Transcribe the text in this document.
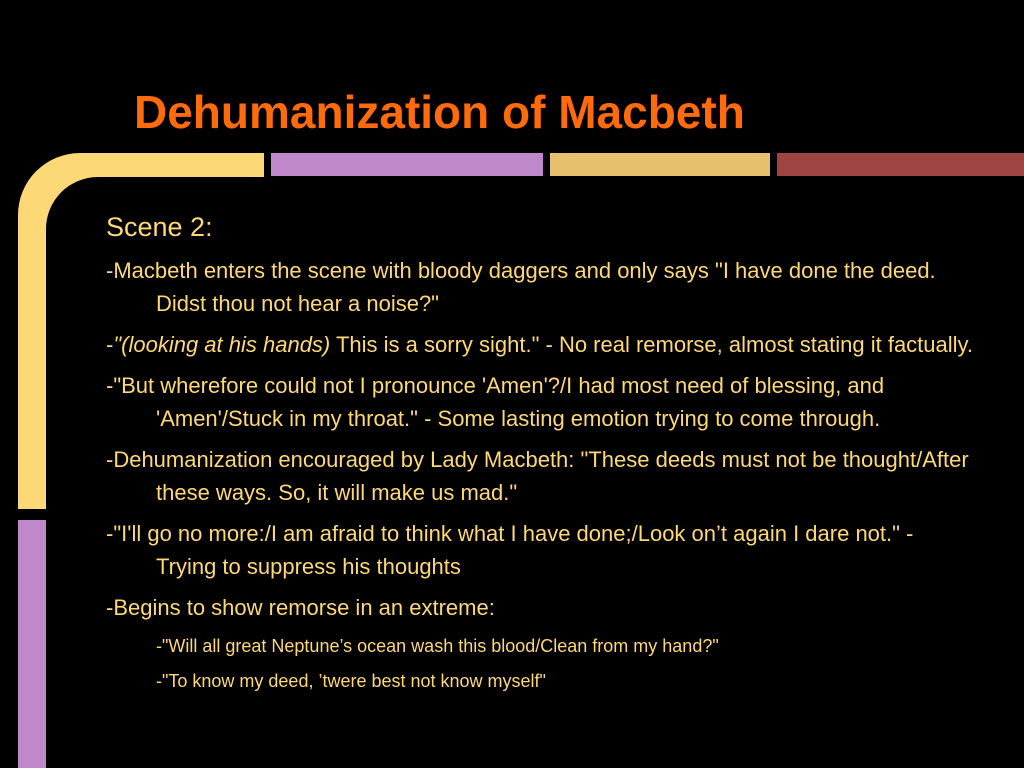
Dehumanization of Macbeth

Scene 2:

-Macbeth enters the scene with bloody daggers and only says "I have done the deed. Didst thou not hear a noise?"

-"(looking at his hands) This is a sorry sight." - No real remorse, almost stating it factually.

-"But wherefore could not I pronounce 'Amen'?/I had most need of blessing, and 'Amen'/Stuck in my throat." - Some lasting emotion trying to come through.

-Dehumanization encouraged by Lady Macbeth: "These deeds must not be thought/After these ways. So, it will make us mad."

-"I'll go no more:/I am afraid to think what I have done;/Look on’t again I dare not." - Trying to suppress his thoughts

-Begins to show remorse in an extreme:

-"Will all great Neptune’s ocean wash this blood/Clean from my hand?"

-"To know my deed, ’twere best not know myself"
